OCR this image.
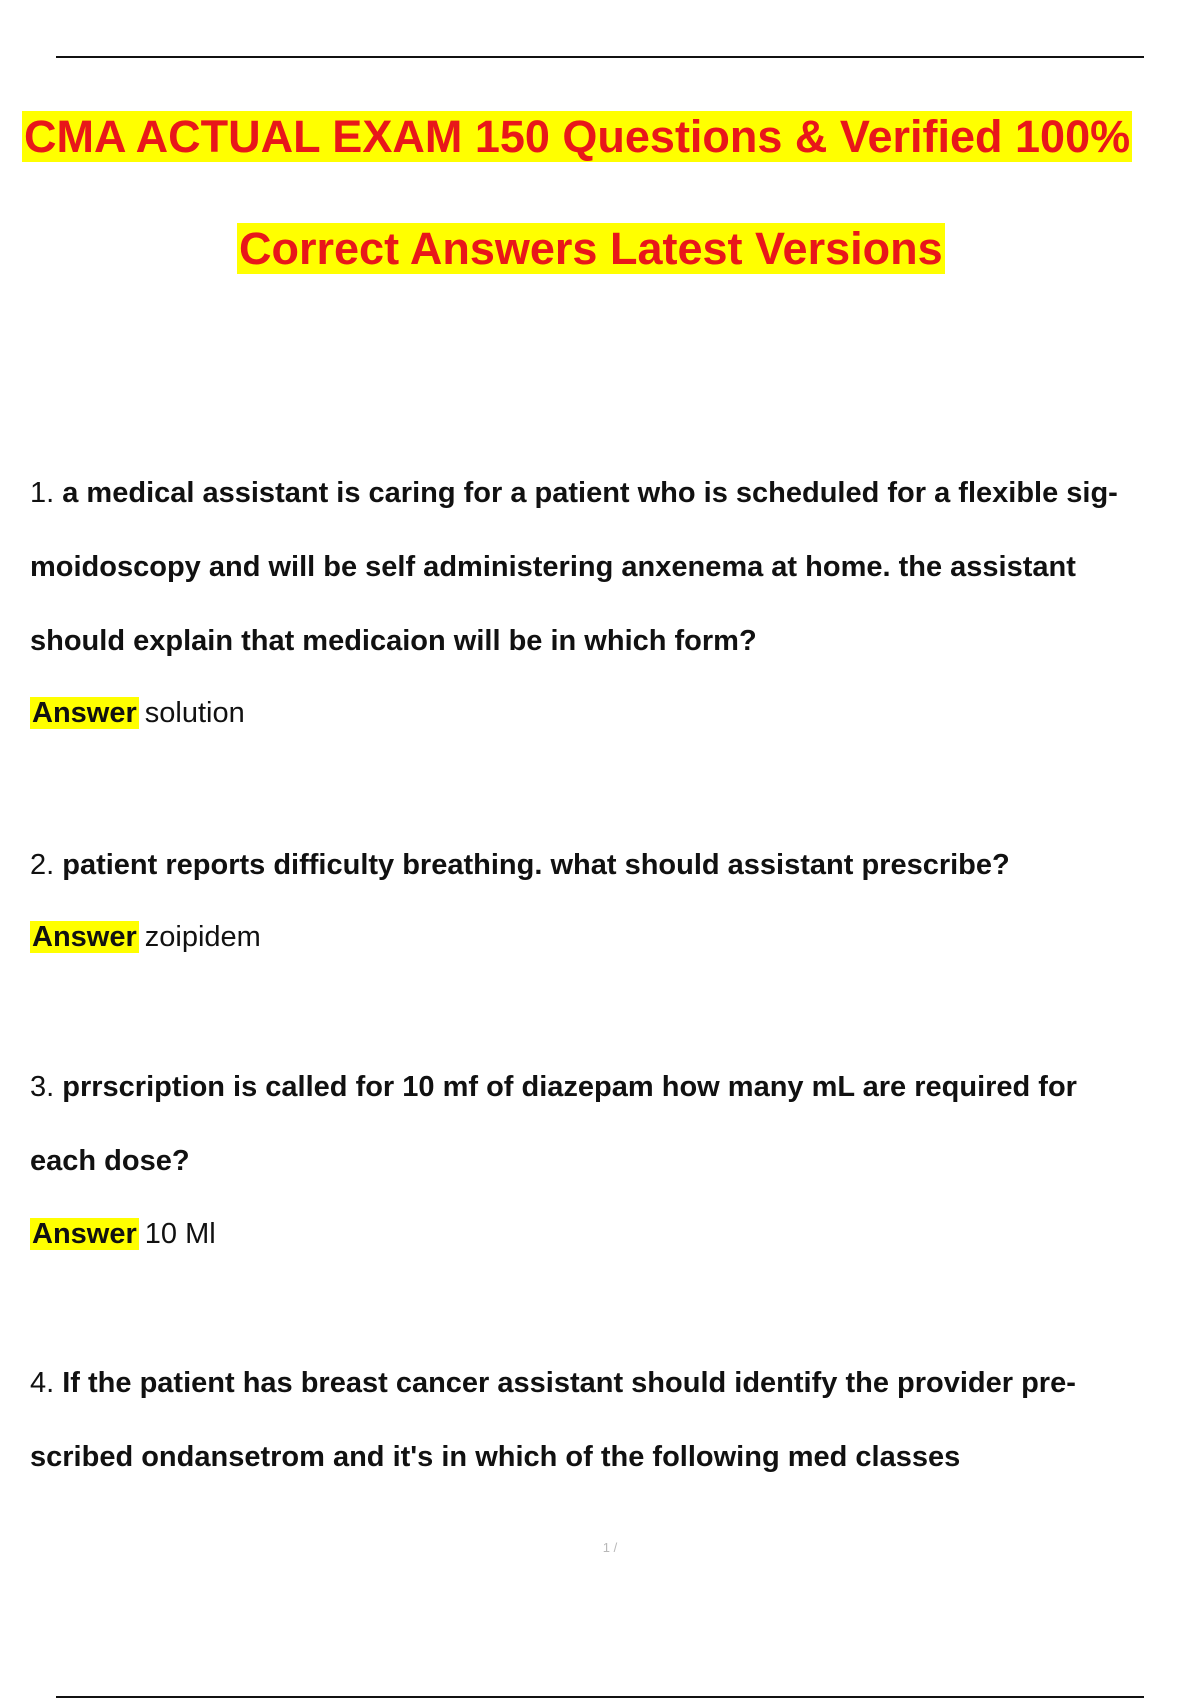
CMA ACTUAL EXAM 150 Questions & Verified 100%
Correct Answers Latest Versions
1. a medical assistant is caring for a patient who is scheduled for a flexible sig-
moidoscopy and will be self administering anxenema at home. the assistant
should explain that medicaion will be in which form?
Answer solution
2. patient reports difficulty breathing. what should assistant prescribe?
Answer zoipidem
3. prrscription is called for 10 mf of diazepam how many mL are required for
each dose?
Answer 10 Ml
4. If the patient has breast cancer assistant should identify the provider pre-
scribed ondansetrom and it's in which of the following med classes
1 /
